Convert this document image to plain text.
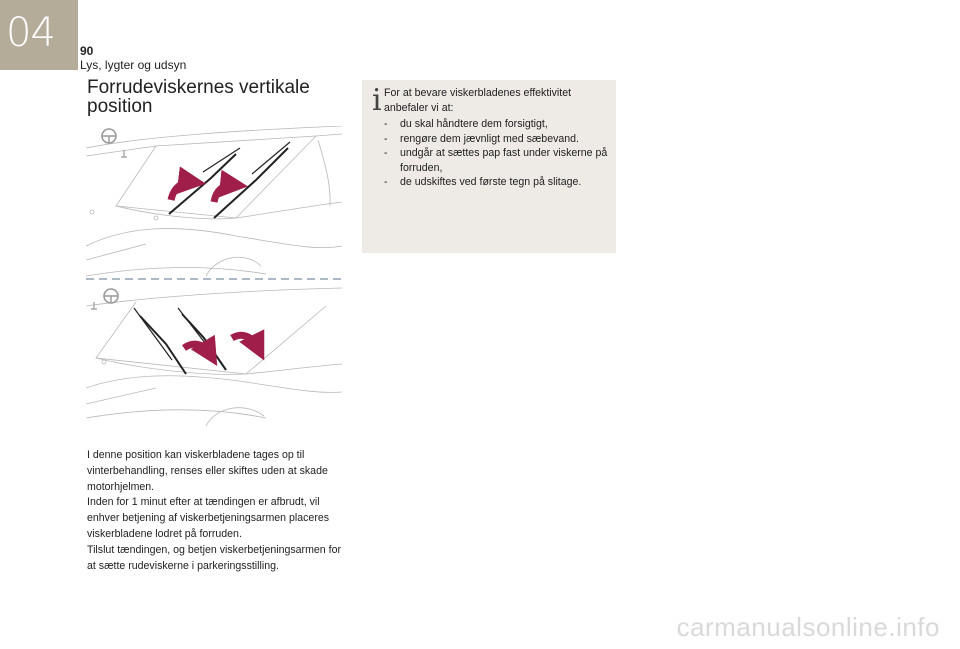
04	90
Lys, lygter og udsyn
Forrudeviskernes vertikale position

I denne position kan viskerbladene tages op til vinterbehandling, renses eller skiftes uden at skade motorhjelmen.

Inden for 1 minut efter at tændingen er afbrudt, vil enhver betjening af viskerbetjeningsarmen placeres viskerbladene lodret på forruden.

Tilslut tændingen, og betjen viskerbetjeningsarmen for at sætte rudeviskerne i parkeringsstilling.

i For at bevare viskerbladenes effektivitet anbefaler vi at:
- du skal håndtere dem forsigtigt,
- rengøre dem jævnligt med sæbevand.
- undgår at sættes pap fast under viskerne på forruden,
- de udskiftes ved første tegn på slitage.
carmanualsonline.info
